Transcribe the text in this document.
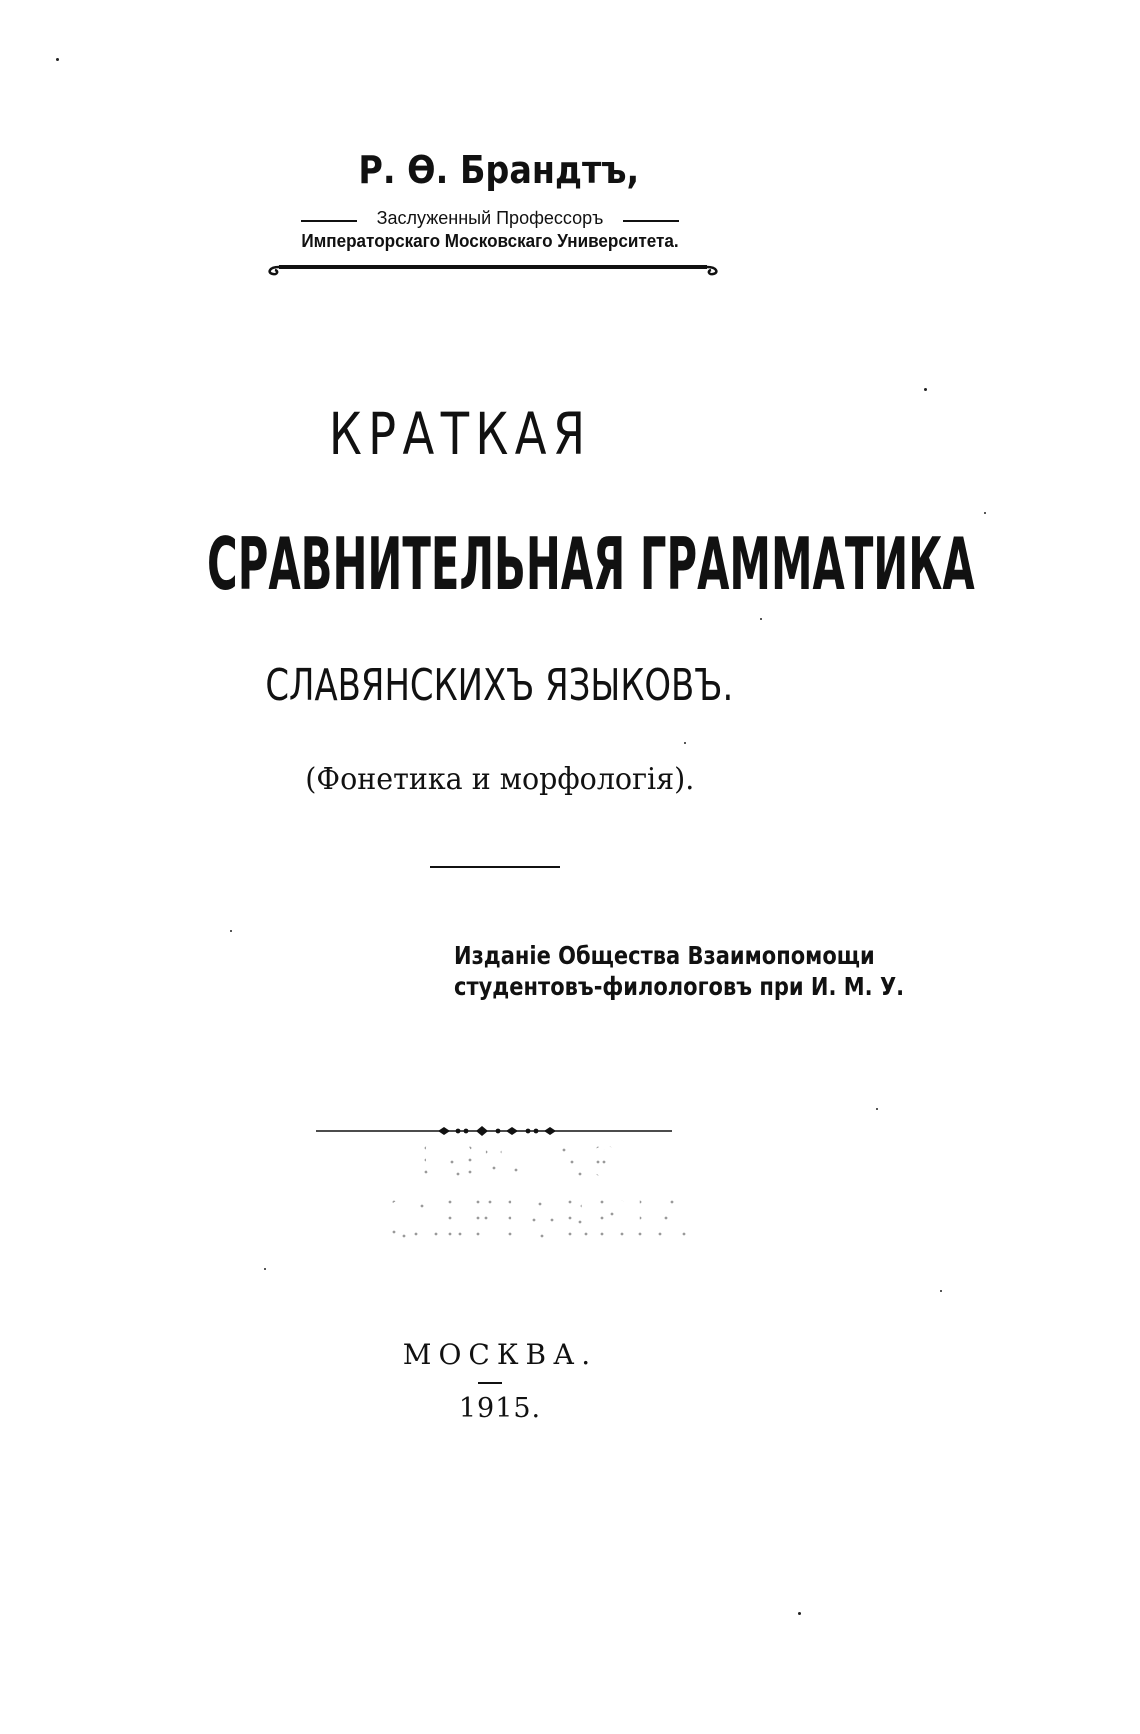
Р. Ѳ. Брандтъ,
Заслуженный Профессоръ
Императорскаго Московскаго Университета.
КРАТКАЯ
СРАВНИТЕЛЬНАЯ ГРАММАТИКА
СЛАВЯНСКИХЪ ЯЗЫКОВЪ.
(Фонетика и морфологія).
Изданіе Общества Взаимопомощи
студентовъ-филологовъ при И. М. У.
UNIV. OF
CALIFORNIA
МОСКВА.
1915.
